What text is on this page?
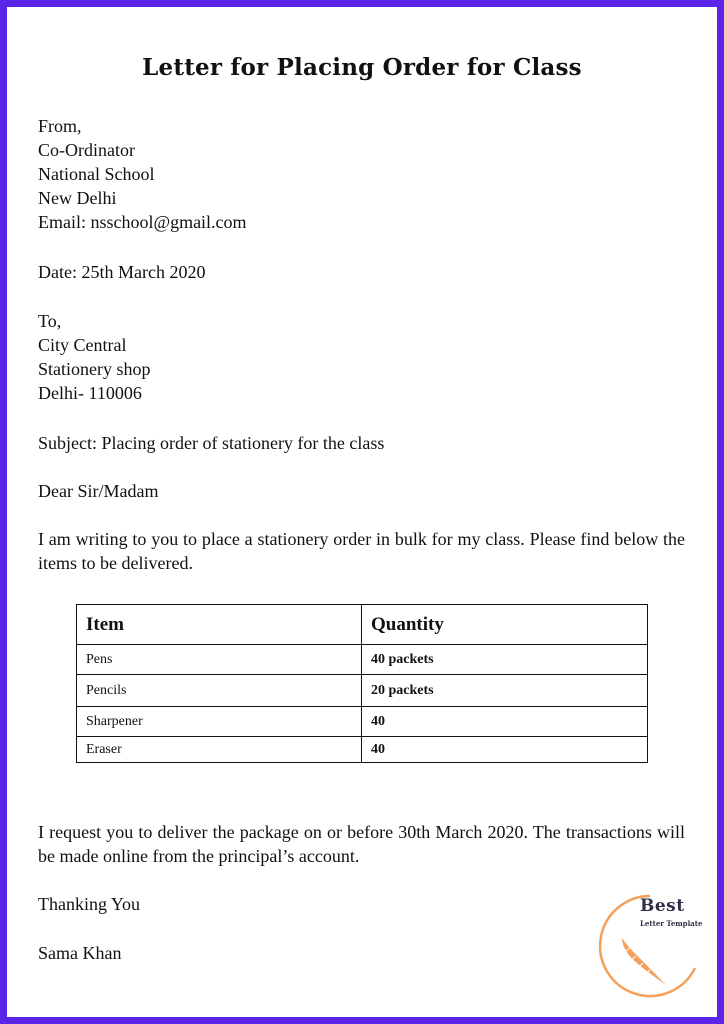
Letter for Placing Order for Class
From,
Co-Ordinator
National School
New Delhi
Email: nsschool@gmail.com
Date: 25th March 2020
To,
City Central
Stationery shop
Delhi- 110006
Subject: Placing order of stationery for the class
Dear Sir/Madam
I am writing to you to place a stationery order in bulk for my class. Please find below the items to be delivered.
Item	Quantity
Pens	40 packets
Pencils	20 packets
Sharpener	40
Eraser	40
I request you to deliver the package on or before 30th March 2020. The transactions will be made online from the principal’s account.
Thanking You
Sama Khan
Best
Letter Template
